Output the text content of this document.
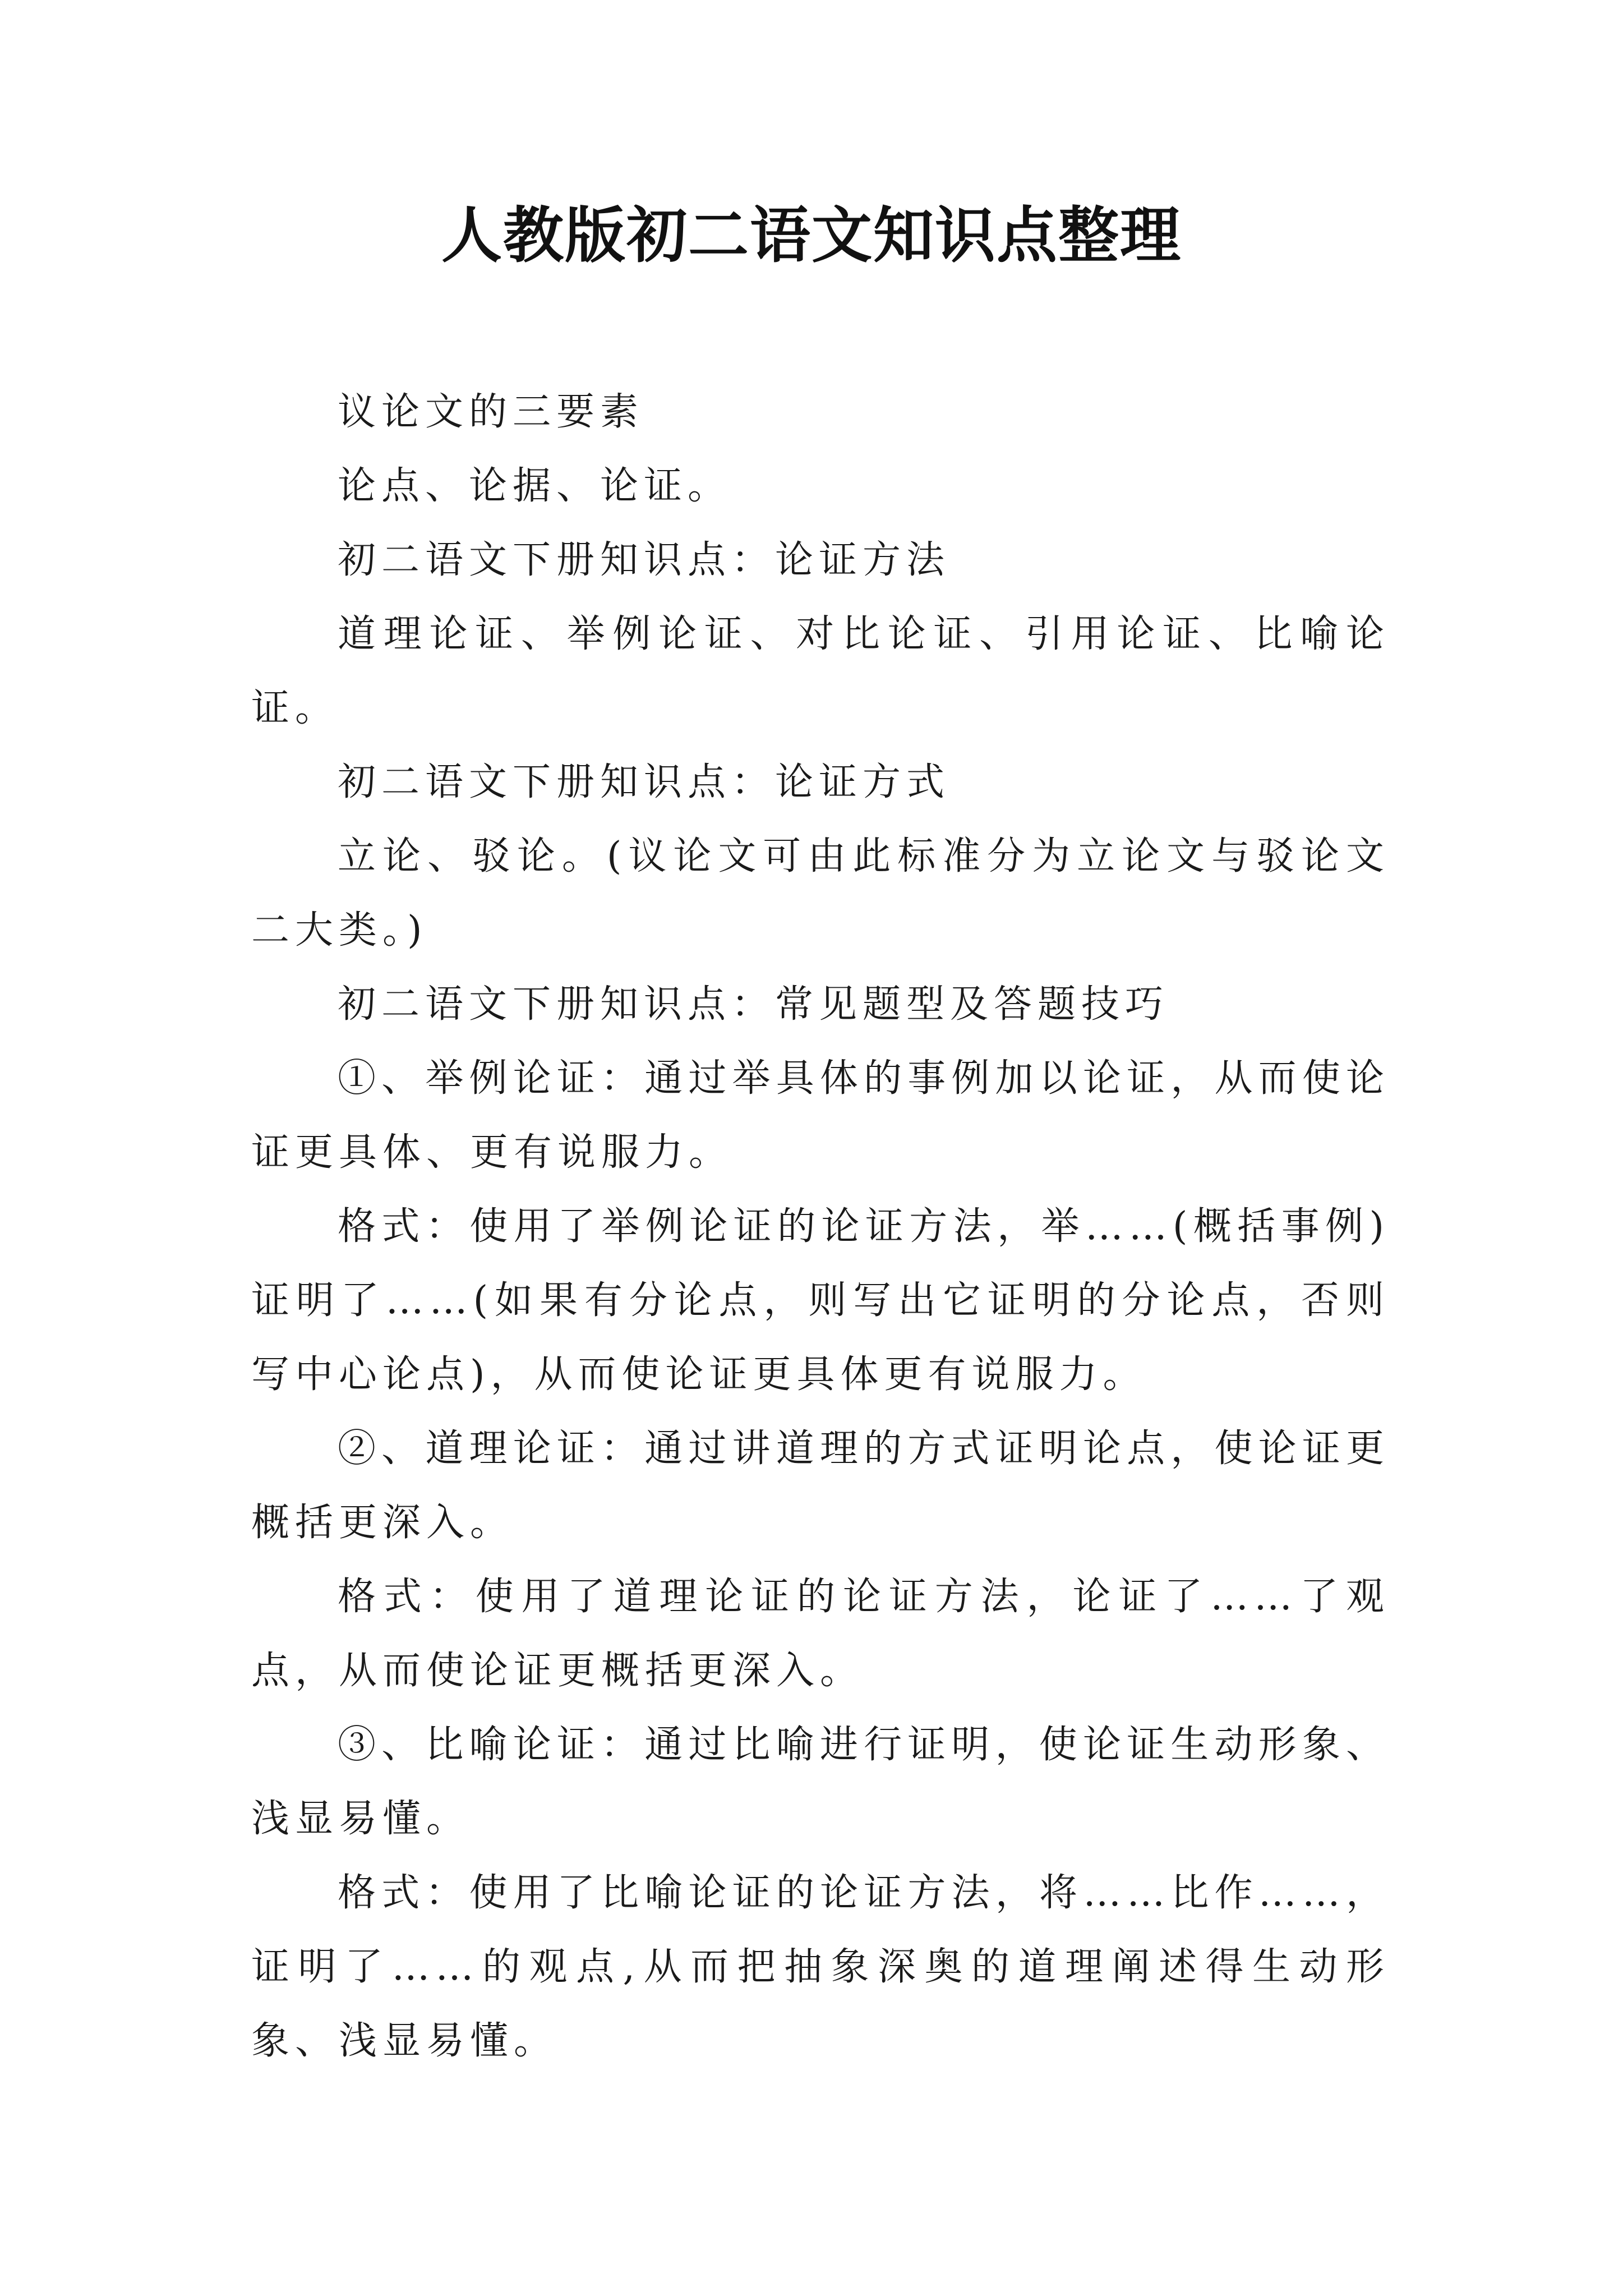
人教版初二语文知识点整理

议论文的三要素

论点、论据、论证。

初二语文下册知识点：论证方法

道理论证、举例论证、对比论证、引用论证、比喻论证。

初二语文下册知识点：论证方式

立论、驳论。(议论文可由此标准分为立论文与驳论文二大类。)

初二语文下册知识点：常见题型及答题技巧

①、举例论证：通过举具体的事例加以论证，从而使论证更具体、更有说服力。

格式：使用了举例论证的论证方法，举……(概括事例)证明了……(如果有分论点，则写出它证明的分论点，否则写中心论点)，从而使论证更具体更有说服力。

②、道理论证：通过讲道理的方式证明论点，使论证更概括更深入。

格式：使用了道理论证的论证方法，论证了……了观点，从而使论证更概括更深入。

③、比喻论证：通过比喻进行证明，使论证生动形象、浅显易懂。

格式：使用了比喻论证的论证方法，将……比作……，证明了……的观点,从而把抽象深奥的道理阐述得生动形象、浅显易懂。
